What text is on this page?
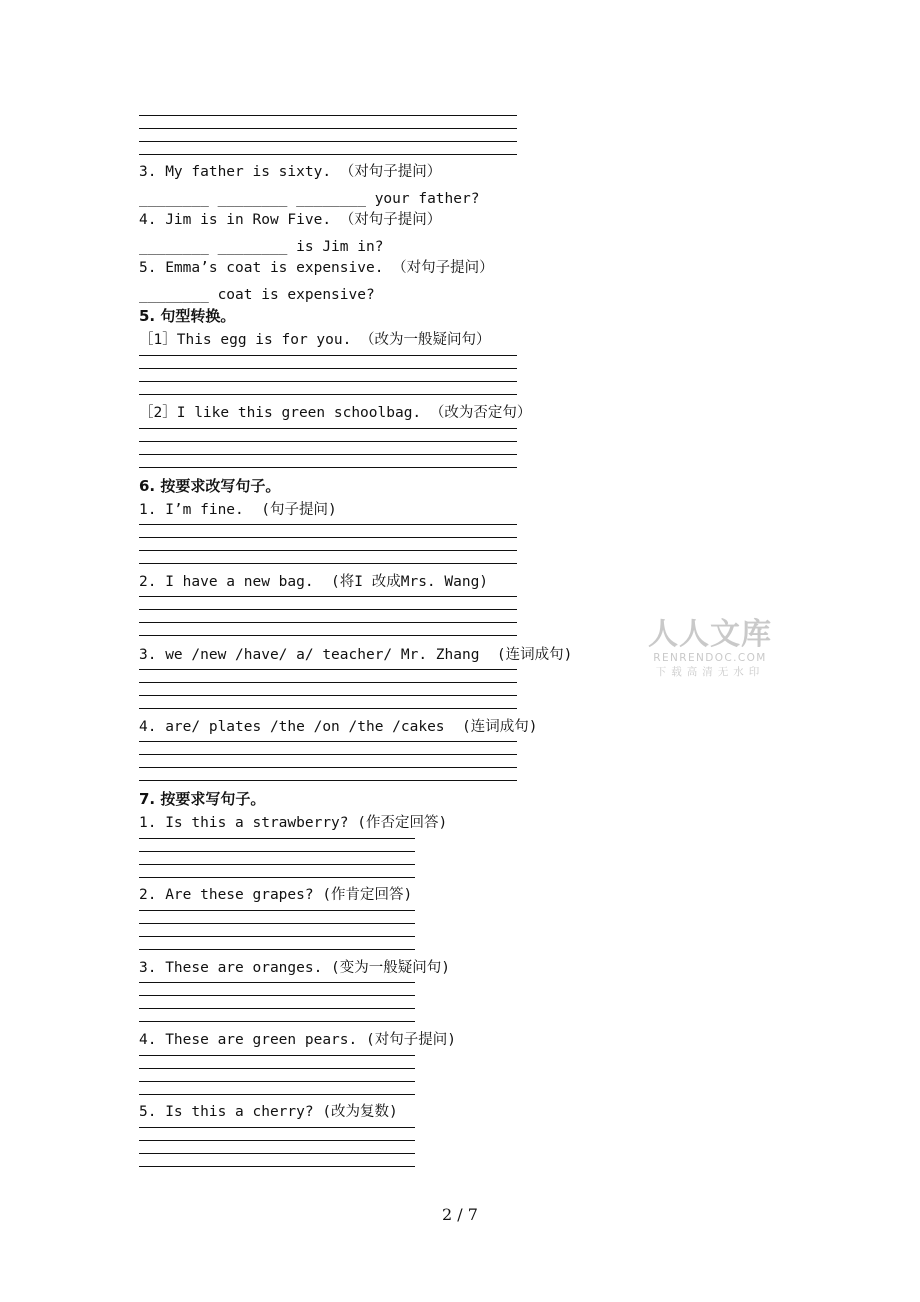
3. My father is sixty. （对句子提问）

________ ________ ________ your father?

4. Jim is in Row Five. （对句子提问）

________ ________ is Jim in?

5. Emma’s coat is expensive. （对句子提问）

________ coat is expensive?

5. 句型转换。

［1］This egg is for you. （改为一般疑问句）

［2］I like this green schoolbag. （改为否定句）

6. 按要求改写句子。

1. I’m fine.  (句子提问)

2. I have a new bag.  (将I 改成Mrs. Wang)

3. we /new /have/ a/ teacher/ Mr. Zhang  (连词成句)

4. are/ plates /the /on /the /cakes  (连词成句)

7. 按要求写句子。

1. Is this a strawberry? (作否定回答)

2. Are these grapes? (作肯定回答)

3. These are oranges. (变为一般疑问句)

4. These are green pears. (对句子提问)

5. Is this a cherry? (改为复数)

人人文库
RENRENDOC.COM
下载高清无水印
2 / 7
